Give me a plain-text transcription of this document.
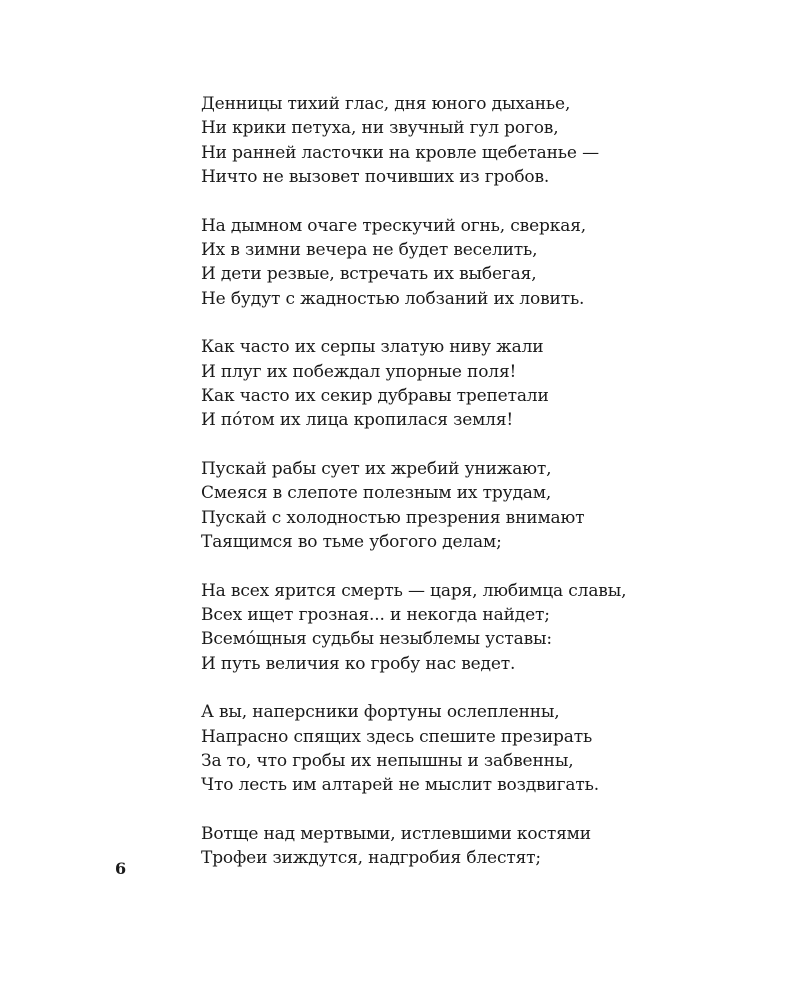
Денницы тихий глас, дня юного дыханье,
Ни крики петуха, ни звучный гул рогов,
Ни ранней ласточки на кровле щебетанье —
Ничто не вызовет почивших из гробов.
На дымном очаге трескучий огнь, сверкая,
Их в зимни вечера не будет веселить,
И дети резвые, встречать их выбегая,
Не будут с жадностью лобзаний их ловить.
Как часто их серпы златую ниву жали
И плуг их побеждал упорные поля!
Как часто их секир дубравы трепетали
И пóтом их лица кропилася земля!
Пускай рабы сует их жребий унижают,
Смеяся в слепоте полезным их трудам,
Пускай с холодностью презрения внимают
Таящимся во тьме убогого делам;
На всех ярится смерть — царя, любимца славы,
Всех ищет грозная... и некогда найдет;
Всемóщныя судьбы незыблемы уставы:
И путь величия ко гробу нас ведет.
А вы, наперсники фортуны ослепленны,
Напрасно спящих здесь спешите презирать
За то, что гробы их непышны и забвенны,
Что лесть им алтарей не мыслит воздвигать.
Вотще над мертвыми, истлевшими костями
Трофеи зиждутся, надгробия блестят;
6
